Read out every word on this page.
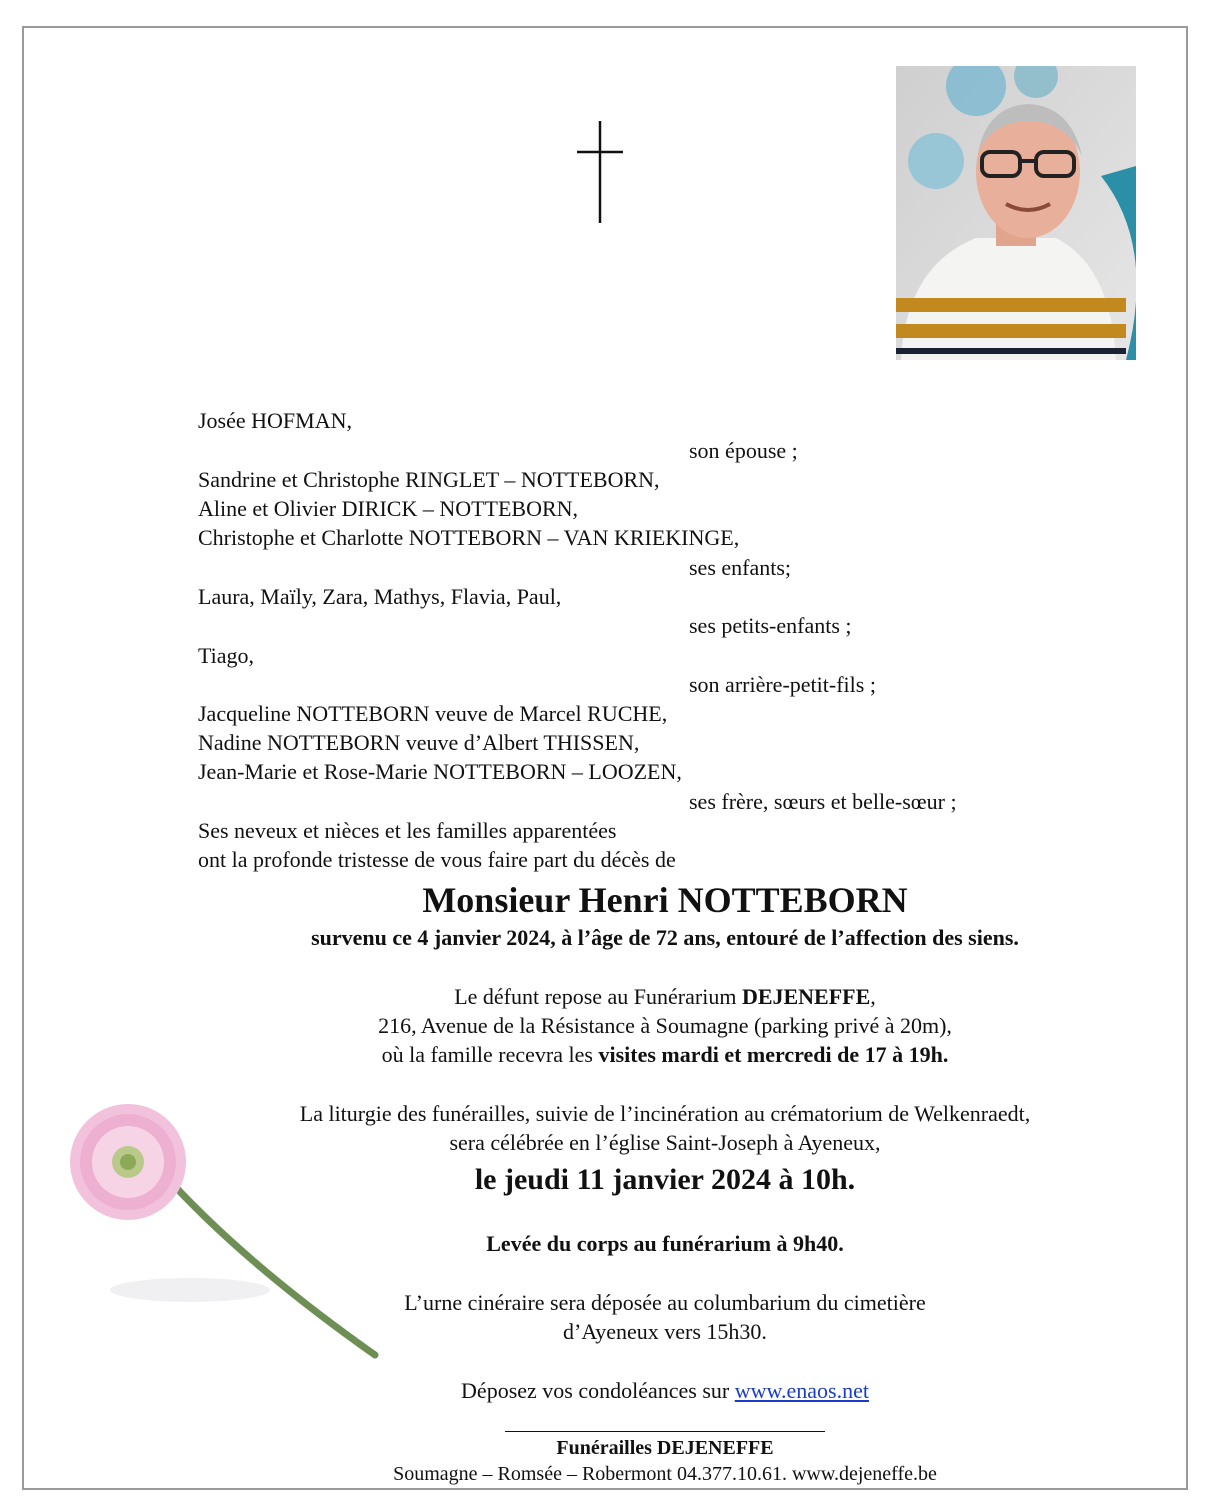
Josée HOFMAN,
son épouse ;
Sandrine et Christophe RINGLET – NOTTEBORN,
Aline et Olivier DIRICK – NOTTEBORN,
Christophe et Charlotte NOTTEBORN – VAN KRIEKINGE,
ses enfants;
Laura, Maïly, Zara, Mathys, Flavia, Paul,
ses petits-enfants ;
Tiago,
son arrière-petit-fils ;
Jacqueline NOTTEBORN veuve de Marcel RUCHE,
Nadine NOTTEBORN veuve d’Albert THISSEN,
Jean-Marie et Rose-Marie NOTTEBORN – LOOZEN,
ses frère, sœurs et belle-sœur ;
Ses neveux et nièces et les familles apparentées
ont la profonde tristesse de vous faire part du décès de
Monsieur Henri NOTTEBORN
survenu ce 4 janvier 2024, à l’âge de 72 ans, entouré de l’affection des siens.
Le défunt repose au Funérarium DEJENEFFE,
216, Avenue de la Résistance à Soumagne (parking privé à 20m),
où la famille recevra les visites mardi et mercredi de 17 à 19h.
La liturgie des funérailles, suivie de l’incinération au crématorium de Welkenraedt,
sera célébrée en l’église Saint-Joseph à Ayeneux,
le jeudi 11 janvier 2024 à 10h.
Levée du corps au funérarium à 9h40.
L’urne cinéraire sera déposée au columbarium du cimetière
d’Ayeneux vers 15h30.
Déposez vos condoléances sur www.enaos.net
Funérailles DEJENEFFE
Soumagne – Romsée – Robermont 04.377.10.61. www.dejeneffe.be
